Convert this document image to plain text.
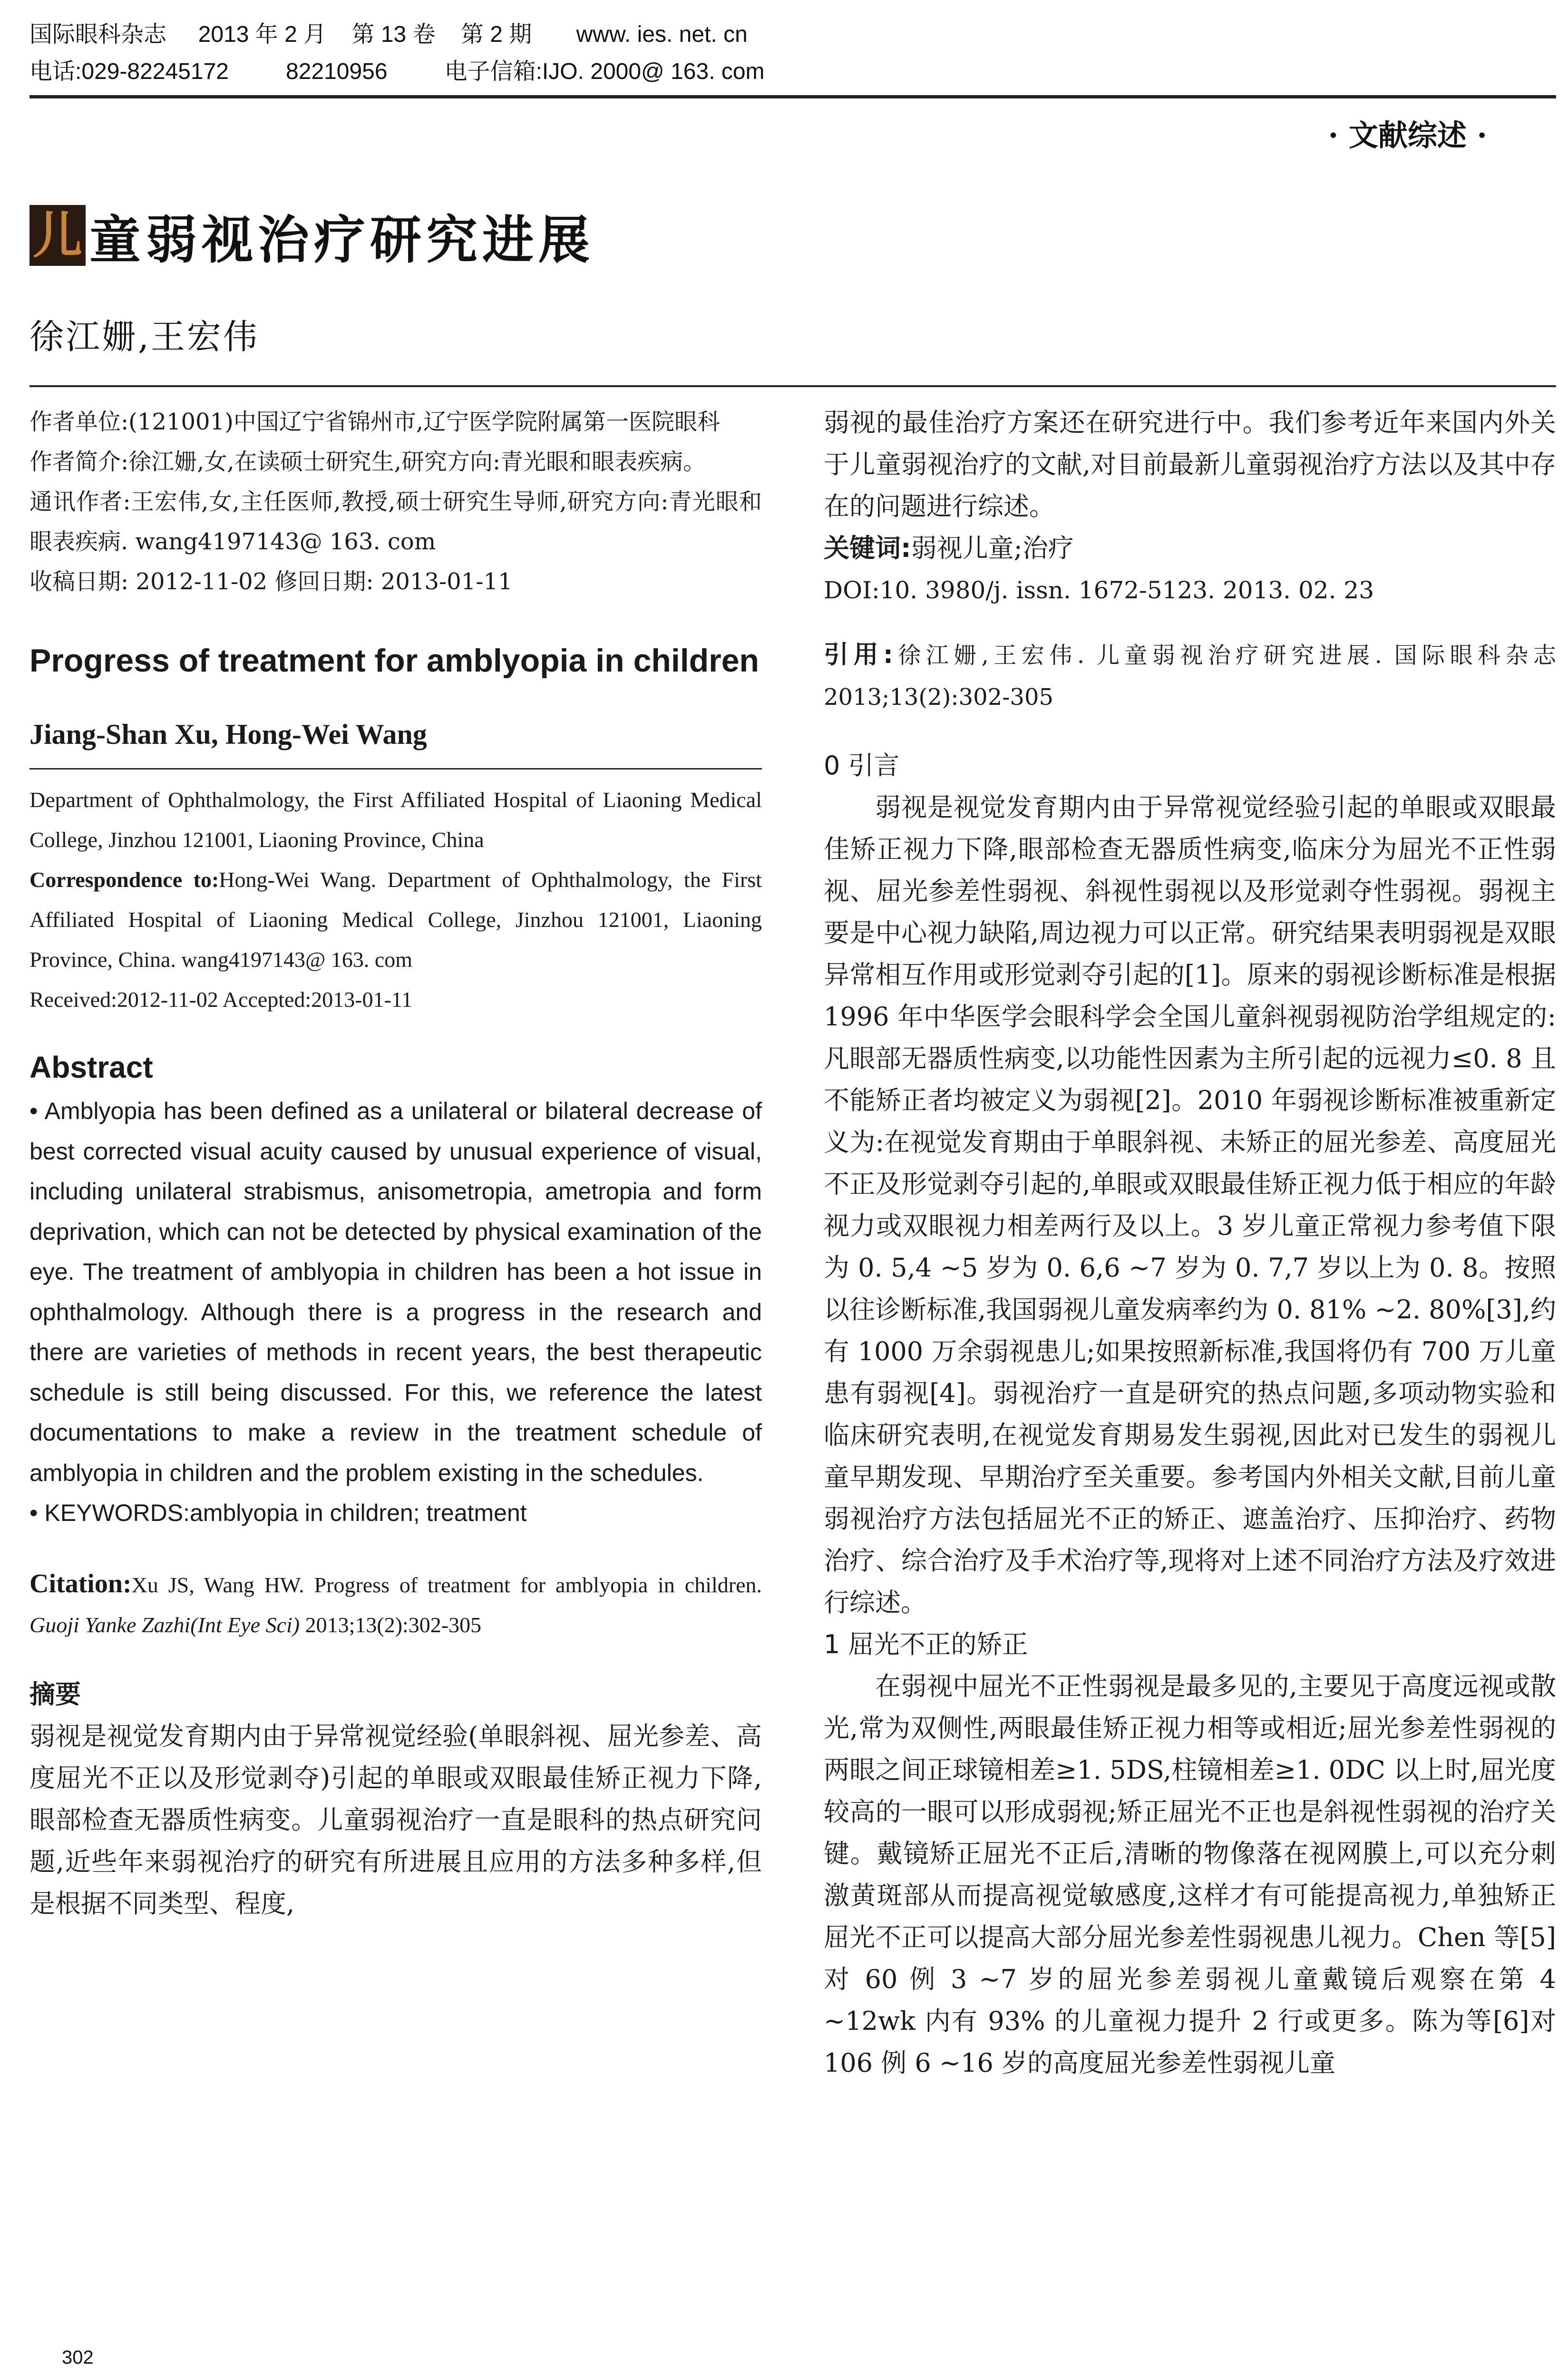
国际眼科杂志     2013 年 2 月    第 13 卷    第 2 期       www. ies. net. cn
电话:029-82245172         82210956         电子信箱:IJO. 2000@ 163. com
· 文献综述 ·
儿 童弱视治疗研究进展
徐江姗,王宏伟

作者单位:(121001)中国辽宁省锦州市,辽宁医学院附属第一医院眼科

作者简介:徐江姗,女,在读硕士研究生,研究方向:青光眼和眼表疾病。

通讯作者:王宏伟,女,主任医师,教授,硕士研究生导师,研究方向:青光眼和眼表疾病. wang4197143@ 163. com

收稿日期: 2012-11-02 修回日期: 2013-01-11

Progress of treatment for amblyopia in children

Jiang-Shan Xu, Hong-Wei Wang

Department of Ophthalmology, the First Affiliated Hospital of Liaoning Medical College, Jinzhou 121001, Liaoning Province, China

Correspondence to:Hong-Wei Wang. Department of Ophthalmology, the First Affiliated Hospital of Liaoning Medical College, Jinzhou 121001, Liaoning Province, China. wang4197143@ 163. com

Received:2012-11-02 Accepted:2013-01-11

Abstract

• Amblyopia has been defined as a unilateral or bilateral decrease of best corrected visual acuity caused by unusual experience of visual, including unilateral strabismus, anisometropia, ametropia and form deprivation, which can not be detected by physical examination of the eye. The treatment of amblyopia in children has been a hot issue in ophthalmology. Although there is a progress in the research and there are varieties of methods in recent years, the best therapeutic schedule is still being discussed. For this, we reference the latest documentations to make a review in the treatment schedule of amblyopia in children and the problem existing in the schedules.

• KEYWORDS:amblyopia in children; treatment

Citation:Xu JS, Wang HW. Progress of treatment for amblyopia in children. Guoji Yanke Zazhi(Int Eye Sci) 2013;13(2):302-305

摘要

弱视是视觉发育期内由于异常视觉经验(单眼斜视、屈光参差、高度屈光不正以及形觉剥夺)引起的单眼或双眼最佳矫正视力下降,眼部检查无器质性病变。儿童弱视治疗一直是眼科的热点研究问题,近些年来弱视治疗的研究有所进展且应用的方法多种多样,但是根据不同类型、程度,

弱视的最佳治疗方案还在研究进行中。我们参考近年来国内外关于儿童弱视治疗的文献,对目前最新儿童弱视治疗方法以及其中存在的问题进行综述。

关键词:弱视儿童;治疗

DOI:10. 3980/j. issn. 1672-5123. 2013. 02. 23

引用:徐江姗,王宏伟. 儿童弱视治疗研究进展. 国际眼科杂志 2013;13(2):302-305

0 引言

弱视是视觉发育期内由于异常视觉经验引起的单眼或双眼最佳矫正视力下降,眼部检查无器质性病变,临床分为屈光不正性弱视、屈光参差性弱视、斜视性弱视以及形觉剥夺性弱视。弱视主要是中心视力缺陷,周边视力可以正常。研究结果表明弱视是双眼异常相互作用或形觉剥夺引起的[1]。原来的弱视诊断标准是根据 1996 年中华医学会眼科学会全国儿童斜视弱视防治学组规定的:凡眼部无器质性病变,以功能性因素为主所引起的远视力≤0. 8 且不能矫正者均被定义为弱视[2]。2010 年弱视诊断标准被重新定义为:在视觉发育期由于单眼斜视、未矫正的屈光参差、高度屈光不正及形觉剥夺引起的,单眼或双眼最佳矫正视力低于相应的年龄视力或双眼视力相差两行及以上。3 岁儿童正常视力参考值下限为 0. 5,4 ~5 岁为 0. 6,6 ~7 岁为 0. 7,7 岁以上为 0. 8。按照以往诊断标准,我国弱视儿童发病率约为 0. 81% ~2. 80%[3],约有 1000 万余弱视患儿;如果按照新标准,我国将仍有 700 万儿童患有弱视[4]。弱视治疗一直是研究的热点问题,多项动物实验和临床研究表明,在视觉发育期易发生弱视,因此对已发生的弱视儿童早期发现、早期治疗至关重要。参考国内外相关文献,目前儿童弱视治疗方法包括屈光不正的矫正、遮盖治疗、压抑治疗、药物治疗、综合治疗及手术治疗等,现将对上述不同治疗方法及疗效进行综述。

1 屈光不正的矫正

在弱视中屈光不正性弱视是最多见的,主要见于高度远视或散光,常为双侧性,两眼最佳矫正视力相等或相近;屈光参差性弱视的两眼之间正球镜相差≥1. 5DS,柱镜相差≥1. 0DC 以上时,屈光度较高的一眼可以形成弱视;矫正屈光不正也是斜视性弱视的治疗关键。戴镜矫正屈光不正后,清晰的物像落在视网膜上,可以充分刺激黄斑部从而提高视觉敏感度,这样才有可能提高视力,单独矫正屈光不正可以提高大部分屈光参差性弱视患儿视力。Chen 等[5]对 60 例 3 ~7 岁的屈光参差弱视儿童戴镜后观察在第 4 ~12wk 内有 93% 的儿童视力提升 2 行或更多。陈为等[6]对 106 例 6 ~16 岁的高度屈光参差性弱视儿童

302
